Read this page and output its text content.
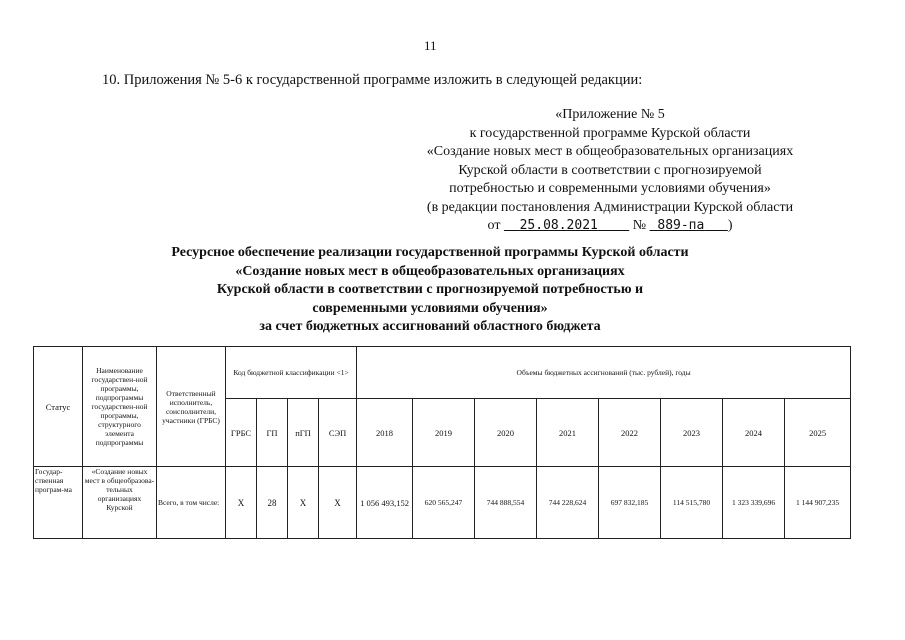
11
10. Приложения № 5-6 к государственной программе изложить в следующей редакции:
«Приложение № 5
к государственной программе Курской области
«Создание новых мест в общеобразовательных организациях
Курской области в соответствии с прогнозируемой
потребностью и современными условиями обучения»
(в редакции постановления Администрации Курской области
от 25.08.2021 № 889-па )
Ресурсное обеспечение реализации государственной программы Курской области
«Создание новых мест в общеобразовательных организациях
Курской области в соответствии с прогнозируемой потребностью и
современными условиями обучения»
за счет бюджетных ассигнований областного бюджета
Статус	Наименование государствен-ной программы, подпрограммы государствен-ной программы, структурного элемента подпрограммы	Ответственный исполнитель, соисполнители, участники (ГРБС)	Код бюджетной классификации <1>				Объемы бюджетных ассигнований (тыс. рублей), годы							
			ГРБС	ГП	пГП	СЭП	2018	2019	2020	2021	2022	2023	2024	2025
Государ-ственная програм-ма	«Создание новых мест в общеобразова-тельных организациях Курской	Всего, в том числе:	Х	28	Х	Х	1 056 493,152	620 565,247	744 888,554	744 228,624	697 832,185	114 515,780	1 323 339,696	1 144 907,235
